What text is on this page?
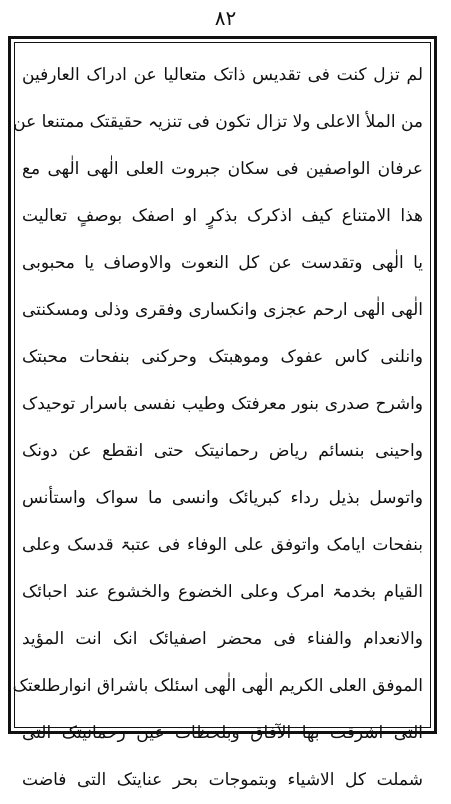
٨٢
لم تزل کنت فی تقدیس ذاتک متعالیا عن ادراک العارفین
من الملأ الاعلی ولا تزال تکون فی تنزیہ حقیقتک ممتنعا عن
عرفان الواصفین فی سکان جبروت العلی الٰھی الٰھی مع
ھذا الامتناع کیف اذکرک بذکرٍ او اصفک بوصفٍ تعالیت
یا الٰھی وتقدست عن کل النعوت والاوصاف یا محبوبی
الٰھی الٰھی ارحم عجزی وانکساری وفقری وذلی ومسکنتی
وانلنی کاس عفوک وموھبتک وحرکنی بنفحات محبتک
واشرح صدری بنور معرفتک وطیب نفسی باسرار توحیدک
واحینی بنسائم ریاض رحمانیتک حتی انقطع عن دونک
واتوسل بذیل رداء کبریائک وانسی ما سواک واستأنس
بنفحات ایامک واتوفق علی الوفاء فی عتبۃ قدسک وعلی
القیام بخدمۃ امرک وعلی الخضوع والخشوع عند احبائک
والانعدام والفناء فی محضر اصفیائک انک انت المؤید
الموفق العلی الکریم الٰھی الٰھی اسئلک باشراق انوارطلعتک
التی اشرقت بھا الآفاق وبلحظات عین رحمانیتک التی
شملت کل الاشیاء وبتموجات بحر عنایتک التی فاضت
